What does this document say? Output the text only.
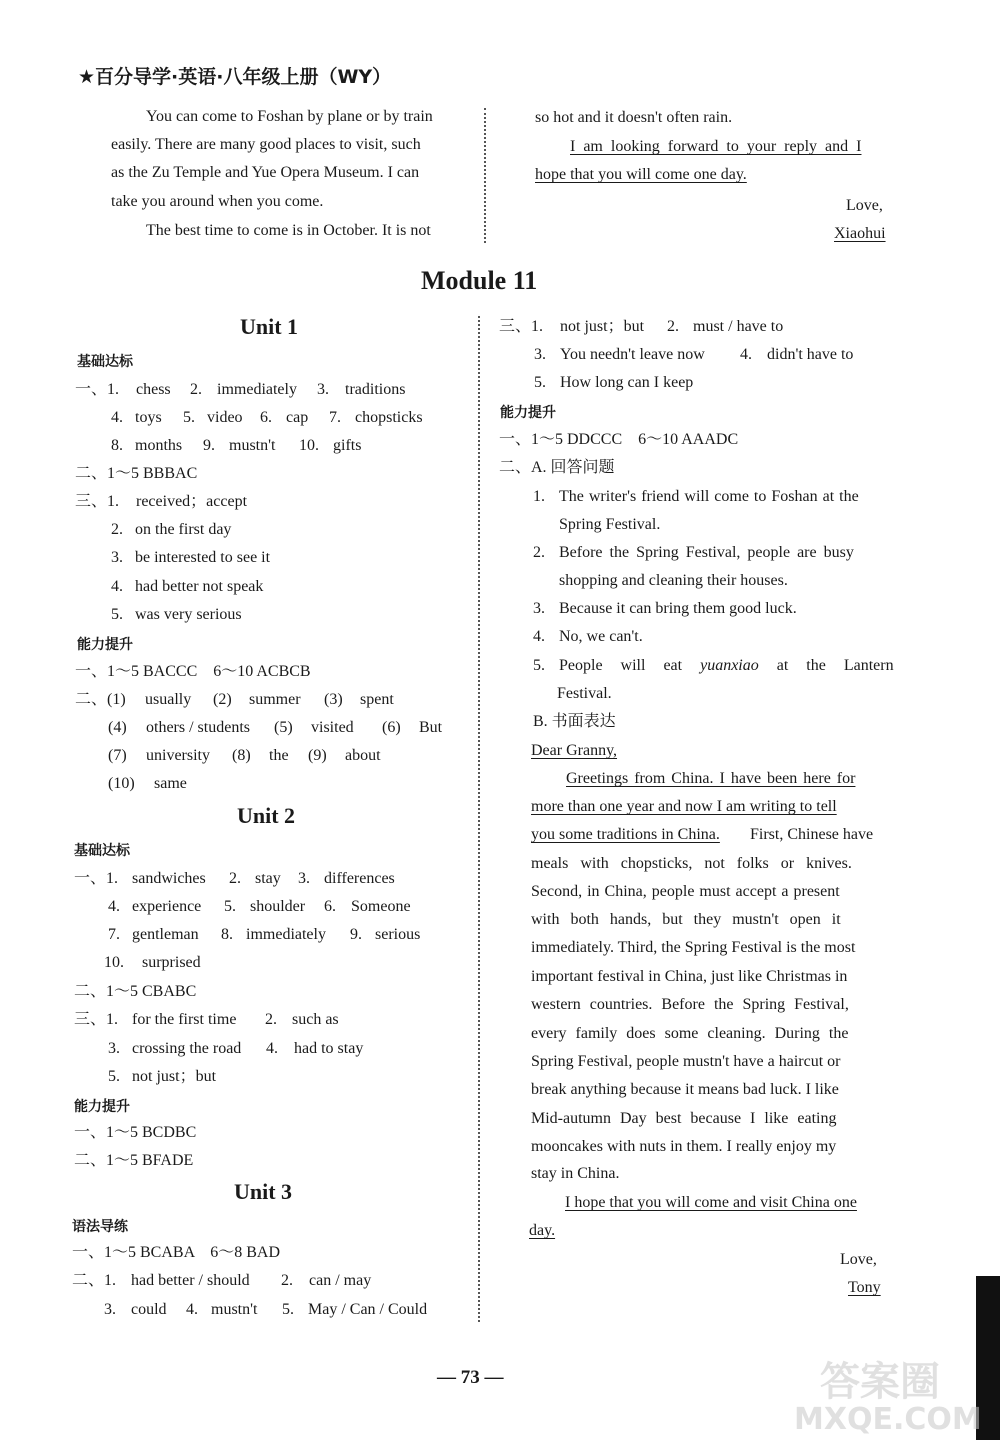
★百分导学·英语·八年级上册（WY）
You can come to Foshan by plane or by train
easily. There are many good places to visit, such
as the Zu Temple and Yue Opera Museum. I can
take you around when you come.
The best time to come is in October. It is not
so hot and it doesn't often rain.
I am looking forward to your reply and I
hope that you will come one day.
Love,
Xiaohui
Module 11
Unit 1
基础达标
一、1. chess 2. immediately 3. traditions
4. toys 5. video 6. cap 7. chopsticks
8. months 9. mustn't 10. gifts
二、1～5 BBBAC
三、1. received；accept
2. on the first day
3. be interested to see it
4. had better not speak
5. was very serious
能力提升
一、1～5 BACCC　6～10 ACBCB
二、(1) usually (2) summer (3) spent
(4) others / students (5) visited (6) But
(7) university (8) the (9) about
(10) same
Unit 2
基础达标
一、1. sandwiches 2. stay 3. differences
4. experience 5. shoulder 6. Someone
7. gentleman 8. immediately 9. serious
10. surprised
二、1～5 CBABC
三、1. for the first time 2. such as
3. crossing the road 4. had to stay
5. not just；but
能力提升
一、1～5 BCDBC
二、1～5 BFADE
Unit 3
语法导练
一、1～5 BCABA　6～8 BAD
二、1. had better / should 2. can / may
3. could 4. mustn't 5. May / Can / Could
三、1. not just；but 2. must / have to
3. You needn't leave now 4. didn't have to
5. How long can I keep
能力提升
一、1～5 DDCCC　6～10 AAADC
二、A. 回答问题
1. The writer's friend will come to Foshan at the
Spring Festival.
2. Before the Spring Festival, people are busy
shopping and cleaning their houses.
3. Because it can bring them good luck.
4. No, we can't.
5. People will eat yuanxiao at the Lantern
Festival.
B. 书面表达
Dear Granny,
Greetings from China. I have been here for
more than one year and now I am writing to tell
you some traditions in China. First, Chinese have
meals with chopsticks, not folks or knives.
Second, in China, people must accept a present
with both hands, but they mustn't open it
immediately. Third, the Spring Festival is the most
important festival in China, just like Christmas in
western countries. Before the Spring Festival,
every family does some cleaning. During the
Spring Festival, people mustn't have a haircut or
break anything because it means bad luck. I like
Mid-autumn Day best because I like eating
mooncakes with nuts in them. I really enjoy my
stay in China.
I hope that you will come and visit China one
day.
Love,
Tony
— 73 —	答案圈
MXQE.COM
